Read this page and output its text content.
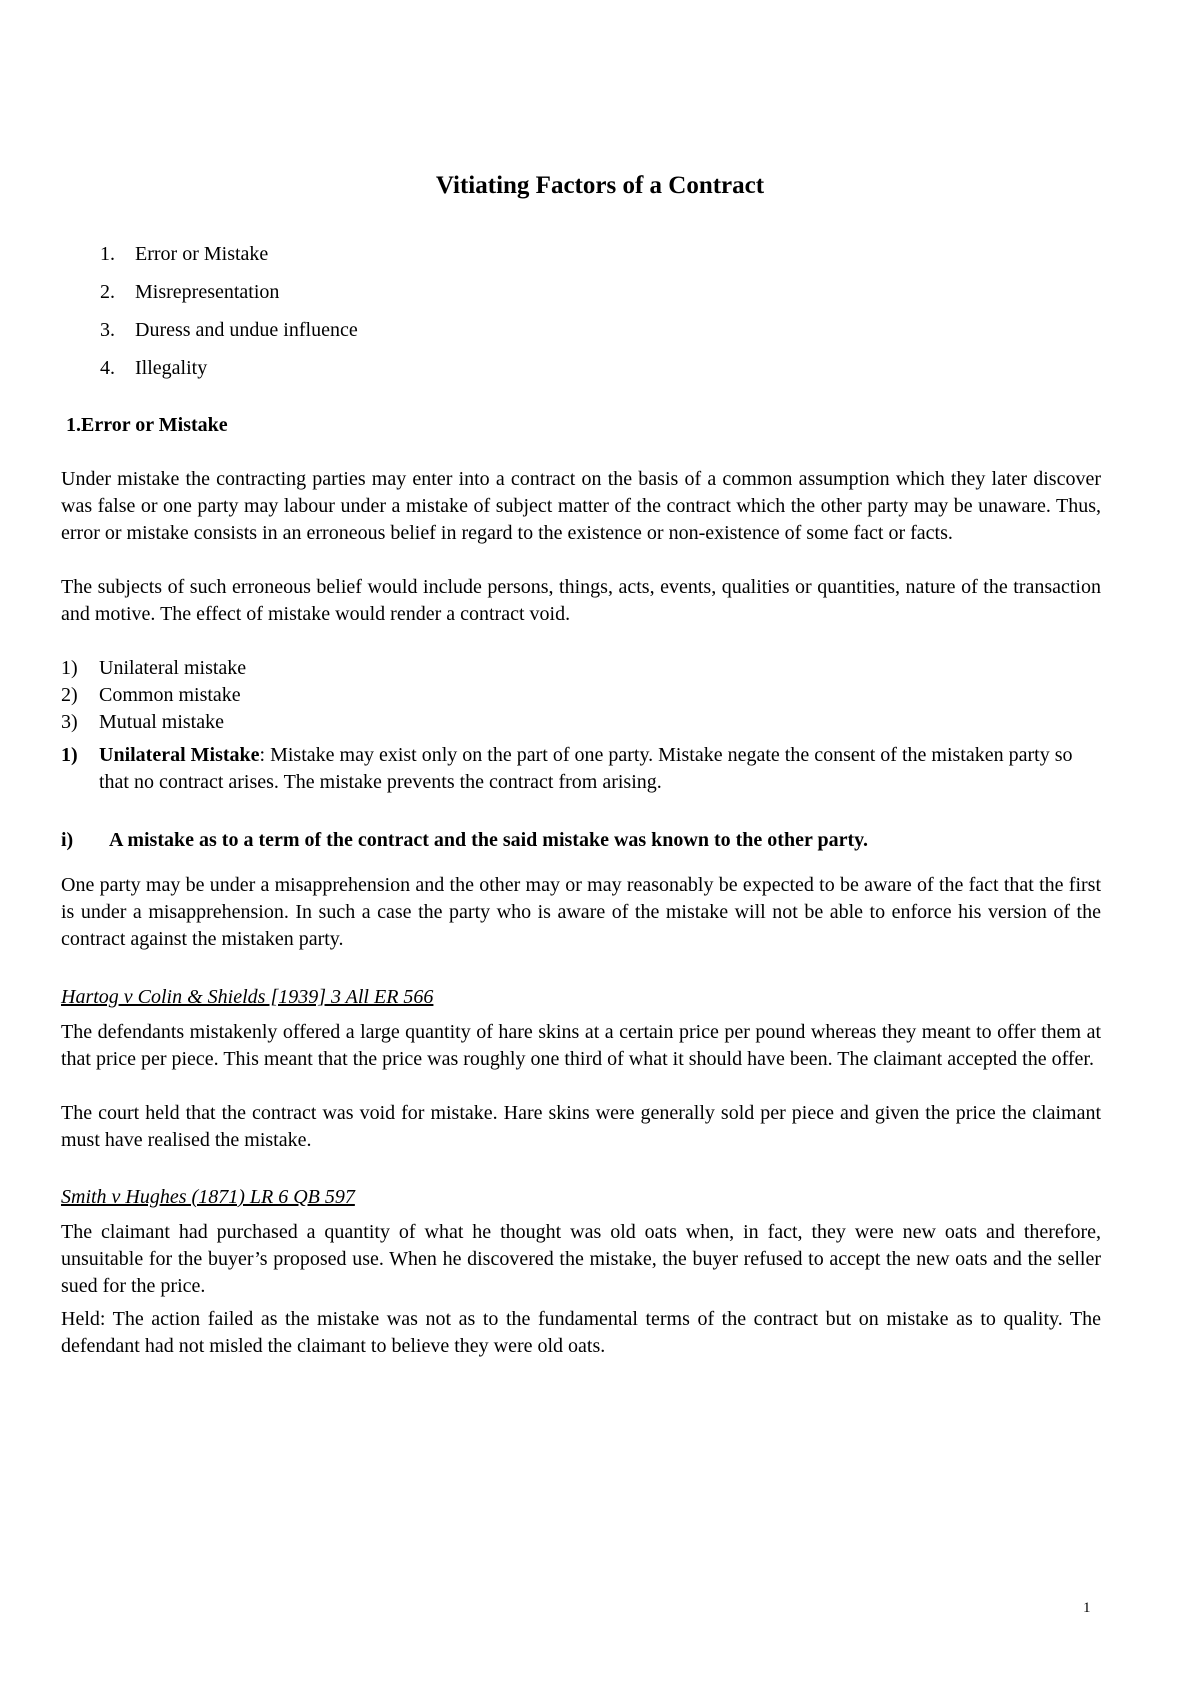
Vitiating Factors of a Contract
1.	Error or Mistake
2.	Misrepresentation
3.	Duress and undue influence
4.	Illegality
1.Error or Mistake
Under mistake the contracting parties may enter into a contract on the basis of a common assumption which they later discover was false or one party may labour under a mistake of subject matter of the contract which the other party may be unaware. Thus, error or mistake consists in an erroneous belief in regard to the existence or non-existence of some fact or facts.
The subjects of such erroneous belief would include persons, things, acts, events, qualities or quantities, nature of the transaction and motive. The effect of mistake would render a contract void.
1)	Unilateral mistake
2)	Common mistake
3)	Mutual mistake
1)	Unilateral Mistake: Mistake may exist only on the part of one party. Mistake negate the consent of the mistaken party so that no contract arises. The mistake prevents the contract from arising.
i)	A mistake as to a term of the contract and the said mistake was known to the other party.
One party may be under a misapprehension and the other may or may reasonably be expected to be aware of the fact that the first is under a misapprehension. In such a case the party who is aware of the mistake will not be able to enforce his version of the contract against the mistaken party.
Hartog v Colin & Shields [1939] 3 All ER 566
The defendants mistakenly offered a large quantity of hare skins at a certain price per pound whereas they meant to offer them at that price per piece. This meant that the price was roughly one third of what it should have been. The claimant accepted the offer.
The court held that the contract was void for mistake. Hare skins were generally sold per piece and given the price the claimant must have realised the mistake.
Smith v Hughes (1871) LR 6 QB 597
The claimant had purchased a quantity of what he thought was old oats when, in fact, they were new oats and therefore, unsuitable for the buyer’s proposed use. When he discovered the mistake, the buyer refused to accept the new oats and the seller sued for the price.
Held: The action failed as the mistake was not as to the fundamental terms of the contract but on mistake as to quality. The defendant had not misled the claimant to believe they were old oats.
1
